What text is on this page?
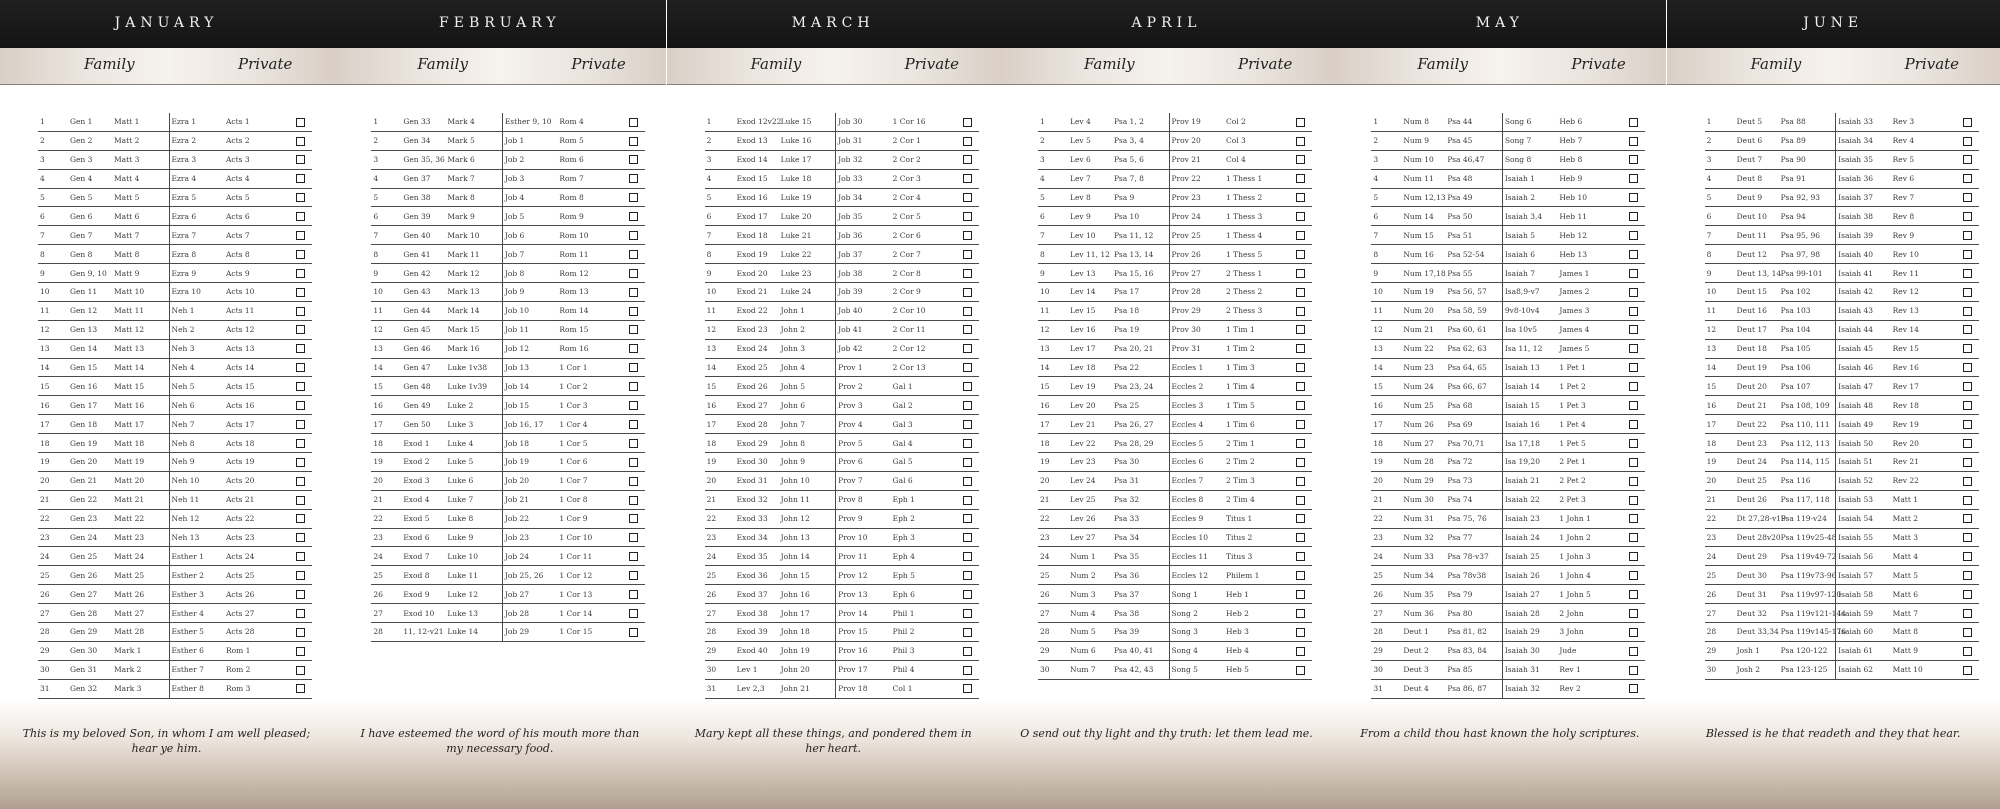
JANUARY
Family	Private
1	Gen 1	Matt 1	Ezra 1	Acts 1	
2	Gen 2	Matt 2	Ezra 2	Acts 2	
3	Gen 3	Matt 3	Ezra 3	Acts 3	
4	Gen 4	Matt 4	Ezra 4	Acts 4	
5	Gen 5	Matt 5	Ezra 5	Acts 5	
6	Gen 6	Matt 6	Ezra 6	Acts 6	
7	Gen 7	Matt 7	Ezra 7	Acts 7	
8	Gen 8	Matt 8	Ezra 8	Acts 8	
9	Gen 9, 10	Matt 9	Ezra 9	Acts 9	
10	Gen 11	Matt 10	Ezra 10	Acts 10	
11	Gen 12	Matt 11	Neh 1	Acts 11	
12	Gen 13	Matt 12	Neh 2	Acts 12	
13	Gen 14	Matt 13	Neh 3	Acts 13	
14	Gen 15	Matt 14	Neh 4	Acts 14	
15	Gen 16	Matt 15	Neh 5	Acts 15	
16	Gen 17	Matt 16	Neh 6	Acts 16	
17	Gen 18	Matt 17	Neh 7	Acts 17	
18	Gen 19	Matt 18	Neh 8	Acts 18	
19	Gen 20	Matt 19	Neh 9	Acts 19	
20	Gen 21	Matt 20	Neh 10	Acts 20	
21	Gen 22	Matt 21	Neh 11	Acts 21	
22	Gen 23	Matt 22	Neh 12	Acts 22	
23	Gen 24	Matt 23	Neh 13	Acts 23	
24	Gen 25	Matt 24	Esther 1	Acts 24	
25	Gen 26	Matt 25	Esther 2	Acts 25	
26	Gen 27	Matt 26	Esther 3	Acts 26	
27	Gen 28	Matt 27	Esther 4	Acts 27	
28	Gen 29	Matt 28	Esther 5	Acts 28	
29	Gen 30	Mark 1	Esther 6	Rom 1	
30	Gen 31	Mark 2	Esther 7	Rom 2	
31	Gen 32	Mark 3	Esther 8	Rom 3	
This is my beloved Son, in whom I am well pleased; hear ye him.
FEBRUARY
Family	Private
1	Gen 33	Mark 4	Esther 9, 10	Rom 4	
2	Gen 34	Mark 5	Job 1	Rom 5	
3	Gen 35, 36	Mark 6	Job 2	Rom 6	
4	Gen 37	Mark 7	Job 3	Rom 7	
5	Gen 38	Mark 8	Job 4	Rom 8	
6	Gen 39	Mark 9	Job 5	Rom 9	
7	Gen 40	Mark 10	Job 6	Rom 10	
8	Gen 41	Mark 11	Job 7	Rom 11	
9	Gen 42	Mark 12	Job 8	Rom 12	
10	Gen 43	Mark 13	Job 9	Rom 13	
11	Gen 44	Mark 14	Job 10	Rom 14	
12	Gen 45	Mark 15	Job 11	Rom 15	
13	Gen 46	Mark 16	Job 12	Rom 16	
14	Gen 47	Luke 1v38	Job 13	1 Cor 1	
15	Gen 48	Luke 1v39	Job 14	1 Cor 2	
16	Gen 49	Luke 2	Job 15	1 Cor 3	
17	Gen 50	Luke 3	Job 16, 17	1 Cor 4	
18	Exod 1	Luke 4	Job 18	1 Cor 5	
19	Exod 2	Luke 5	Job 19	1 Cor 6	
20	Exod 3	Luke 6	Job 20	1 Cor 7	
21	Exod 4	Luke 7	Job 21	1 Cor 8	
22	Exod 5	Luke 8	Job 22	1 Cor 9	
23	Exod 6	Luke 9	Job 23	1 Cor 10	
24	Exod 7	Luke 10	Job 24	1 Cor 11	
25	Exod 8	Luke 11	Job 25, 26	1 Cor 12	
26	Exod 9	Luke 12	Job 27	1 Cor 13	
27	Exod 10	Luke 13	Job 28	1 Cor 14	
28	11, 12-v21	Luke 14	Job 29	1 Cor 15	
I have esteemed the word of his mouth more than my necessary food.
MARCH
Family	Private
1	Exod 12v22	Luke 15	Job 30	1 Cor 16	
2	Exod 13	Luke 16	Job 31	2 Cor 1	
3	Exod 14	Luke 17	Job 32	2 Cor 2	
4	Exod 15	Luke 18	Job 33	2 Cor 3	
5	Exod 16	Luke 19	Job 34	2 Cor 4	
6	Exod 17	Luke 20	Job 35	2 Cor 5	
7	Exod 18	Luke 21	Job 36	2 Cor 6	
8	Exod 19	Luke 22	Job 37	2 Cor 7	
9	Exod 20	Luke 23	Job 38	2 Cor 8	
10	Exod 21	Luke 24	Job 39	2 Cor 9	
11	Exod 22	John 1	Job 40	2 Cor 10	
12	Exod 23	John 2	Job 41	2 Cor 11	
13	Exod 24	John 3	Job 42	2 Cor 12	
14	Exod 25	John 4	Prov 1	2 Cor 13	
15	Exod 26	John 5	Prov 2	Gal 1	
16	Exod 27	John 6	Prov 3	Gal 2	
17	Exod 28	John 7	Prov 4	Gal 3	
18	Exod 29	John 8	Prov 5	Gal 4	
19	Exod 30	John 9	Prov 6	Gal 5	
20	Exod 31	John 10	Prov 7	Gal 6	
21	Exod 32	John 11	Prov 8	Eph 1	
22	Exod 33	John 12	Prov 9	Eph 2	
23	Exod 34	John 13	Prov 10	Eph 3	
24	Exod 35	John 14	Prov 11	Eph 4	
25	Exod 36	John 15	Prov 12	Eph 5	
26	Exod 37	John 16	Prov 13	Eph 6	
27	Exod 38	John 17	Prov 14	Phil 1	
28	Exod 39	John 18	Prov 15	Phil 2	
29	Exod 40	John 19	Prov 16	Phil 3	
30	Lev 1	John 20	Prov 17	Phil 4	
31	Lev 2,3	John 21	Prov 18	Col 1	
Mary kept all these things, and pondered them in her heart.
APRIL
Family	Private
1	Lev 4	Psa 1, 2	Prov 19	Col 2	
2	Lev 5	Psa 3, 4	Prov 20	Col 3	
3	Lev 6	Psa 5, 6	Prov 21	Col 4	
4	Lev 7	Psa 7, 8	Prov 22	1 Thess 1	
5	Lev 8	Psa 9	Prov 23	1 Thess 2	
6	Lev 9	Psa 10	Prov 24	1 Thess 3	
7	Lev 10	Psa 11, 12	Prov 25	1 Thess 4	
8	Lev 11, 12	Psa 13, 14	Prov 26	1 Thess 5	
9	Lev 13	Psa 15, 16	Prov 27	2 Thess 1	
10	Lev 14	Psa 17	Prov 28	2 Thess 2	
11	Lev 15	Psa 18	Prov 29	2 Thess 3	
12	Lev 16	Psa 19	Prov 30	1 Tim 1	
13	Lev 17	Psa 20, 21	Prov 31	1 Tim 2	
14	Lev 18	Psa 22	Eccles 1	1 Tim 3	
15	Lev 19	Psa 23, 24	Eccles 2	1 Tim 4	
16	Lev 20	Psa 25	Eccles 3	1 Tim 5	
17	Lev 21	Psa 26, 27	Eccles 4	1 Tim 6	
18	Lev 22	Psa 28, 29	Eccles 5	2 Tim 1	
19	Lev 23	Psa 30	Eccles 6	2 Tim 2	
20	Lev 24	Psa 31	Eccles 7	2 Tim 3	
21	Lev 25	Psa 32	Eccles 8	2 Tim 4	
22	Lev 26	Psa 33	Eccles 9	Titus 1	
23	Lev 27	Psa 34	Eccles 10	Titus 2	
24	Num 1	Psa 35	Eccles 11	Titus 3	
25	Num 2	Psa 36	Eccles 12	Philem 1	
26	Num 3	Psa 37	Song 1	Heb 1	
27	Num 4	Psa 38	Song 2	Heb 2	
28	Num 5	Psa 39	Song 3	Heb 3	
29	Num 6	Psa 40, 41	Song 4	Heb 4	
30	Num 7	Psa 42, 43	Song 5	Heb 5	
O send out thy light and thy truth: let them lead me.
MAY
Family	Private
1	Num 8	Psa 44	Song 6	Heb 6	
2	Num 9	Psa 45	Song 7	Heb 7	
3	Num 10	Psa 46,47	Song 8	Heb 8	
4	Num 11	Psa 48	Isaiah 1	Heb 9	
5	Num 12,13	Psa 49	Isaiah 2	Heb 10	
6	Num 14	Psa 50	Isaiah 3,4	Heb 11	
7	Num 15	Psa 51	Isaiah 5	Heb 12	
8	Num 16	Psa 52-54	Isaiah 6	Heb 13	
9	Num 17,18	Psa 55	Isaiah 7	James 1	
10	Num 19	Psa 56, 57	Isa8,9-v7	James 2	
11	Num 20	Psa 58, 59	9v8-10v4	James 3	
12	Num 21	Psa 60, 61	Isa 10v5	James 4	
13	Num 22	Psa 62, 63	Isa 11, 12	James 5	
14	Num 23	Psa 64, 65	Isaiah 13	1 Pet 1	
15	Num 24	Psa 66, 67	Isaiah 14	1 Pet 2	
16	Num 25	Psa 68	Isaiah 15	1 Pet 3	
17	Num 26	Psa 69	Isaiah 16	1 Pet 4	
18	Num 27	Psa 70,71	Isa 17,18	1 Pet 5	
19	Num 28	Psa 72	Isa 19,20	2 Pet 1	
20	Num 29	Psa 73	Isaiah 21	2 Pet 2	
21	Num 30	Psa 74	Isaiah 22	2 Pet 3	
22	Num 31	Psa 75, 76	Isaiah 23	1 John 1	
23	Num 32	Psa 77	Isaiah 24	1 John 2	
24	Num 33	Psa 78-v37	Isaiah 25	1 John 3	
25	Num 34	Psa 78v38	Isaiah 26	1 John 4	
26	Num 35	Psa 79	Isaiah 27	1 John 5	
27	Num 36	Psa 80	Isaiah 28	2 John	
28	Deut 1	Psa 81, 82	Isaiah 29	3 John	
29	Deut 2	Psa 83, 84	Isaiah 30	Jude	
30	Deut 3	Psa 85	Isaiah 31	Rev 1	
31	Deut 4	Psa 86, 87	Isaiah 32	Rev 2	
From a child thou hast known the holy scriptures.
JUNE
Family	Private
1	Deut 5	Psa 88	Isaiah 33	Rev 3	
2	Deut 6	Psa 89	Isaiah 34	Rev 4	
3	Deut 7	Psa 90	Isaiah 35	Rev 5	
4	Deut 8	Psa 91	Isaiah 36	Rev 6	
5	Deut 9	Psa 92, 93	Isaiah 37	Rev 7	
6	Deut 10	Psa 94	Isaiah 38	Rev 8	
7	Deut 11	Psa 95, 96	Isaiah 39	Rev 9	
8	Deut 12	Psa 97, 98	Isaiah 40	Rev 10	
9	Deut 13, 14	Psa 99-101	Isaiah 41	Rev 11	
10	Deut 15	Psa 102	Isaiah 42	Rev 12	
11	Deut 16	Psa 103	Isaiah 43	Rev 13	
12	Deut 17	Psa 104	Isaiah 44	Rev 14	
13	Deut 18	Psa 105	Isaiah 45	Rev 15	
14	Deut 19	Psa 106	Isaiah 46	Rev 16	
15	Deut 20	Psa 107	Isaiah 47	Rev 17	
16	Deut 21	Psa 108, 109	Isaiah 48	Rev 18	
17	Deut 22	Psa 110, 111	Isaiah 49	Rev 19	
18	Deut 23	Psa 112, 113	Isaiah 50	Rev 20	
19	Deut 24	Psa 114, 115	Isaiah 51	Rev 21	
20	Deut 25	Psa 116	Isaiah 52	Rev 22	
21	Deut 26	Psa 117, 118	Isaiah 53	Matt 1	
22	Dt 27,28-v19	Psa 119-v24	Isaiah 54	Matt 2	
23	Deut 28v20	Psa 119v25-48	Isaiah 55	Matt 3	
24	Deut 29	Psa 119v49-72	Isaiah 56	Matt 4	
25	Deut 30	Psa 119v73-96	Isaiah 57	Matt 5	
26	Deut 31	Psa 119v97-120	Isaiah 58	Matt 6	
27	Deut 32	Psa 119v121-144	Isaiah 59	Matt 7	
28	Deut 33,34	Psa 119v145-176	Isaiah 60	Matt 8	
29	Josh 1	Psa 120-122	Isaiah 61	Matt 9	
30	Josh 2	Psa 123-125	Isaiah 62	Matt 10	
Blessed is he that readeth and they that hear.
